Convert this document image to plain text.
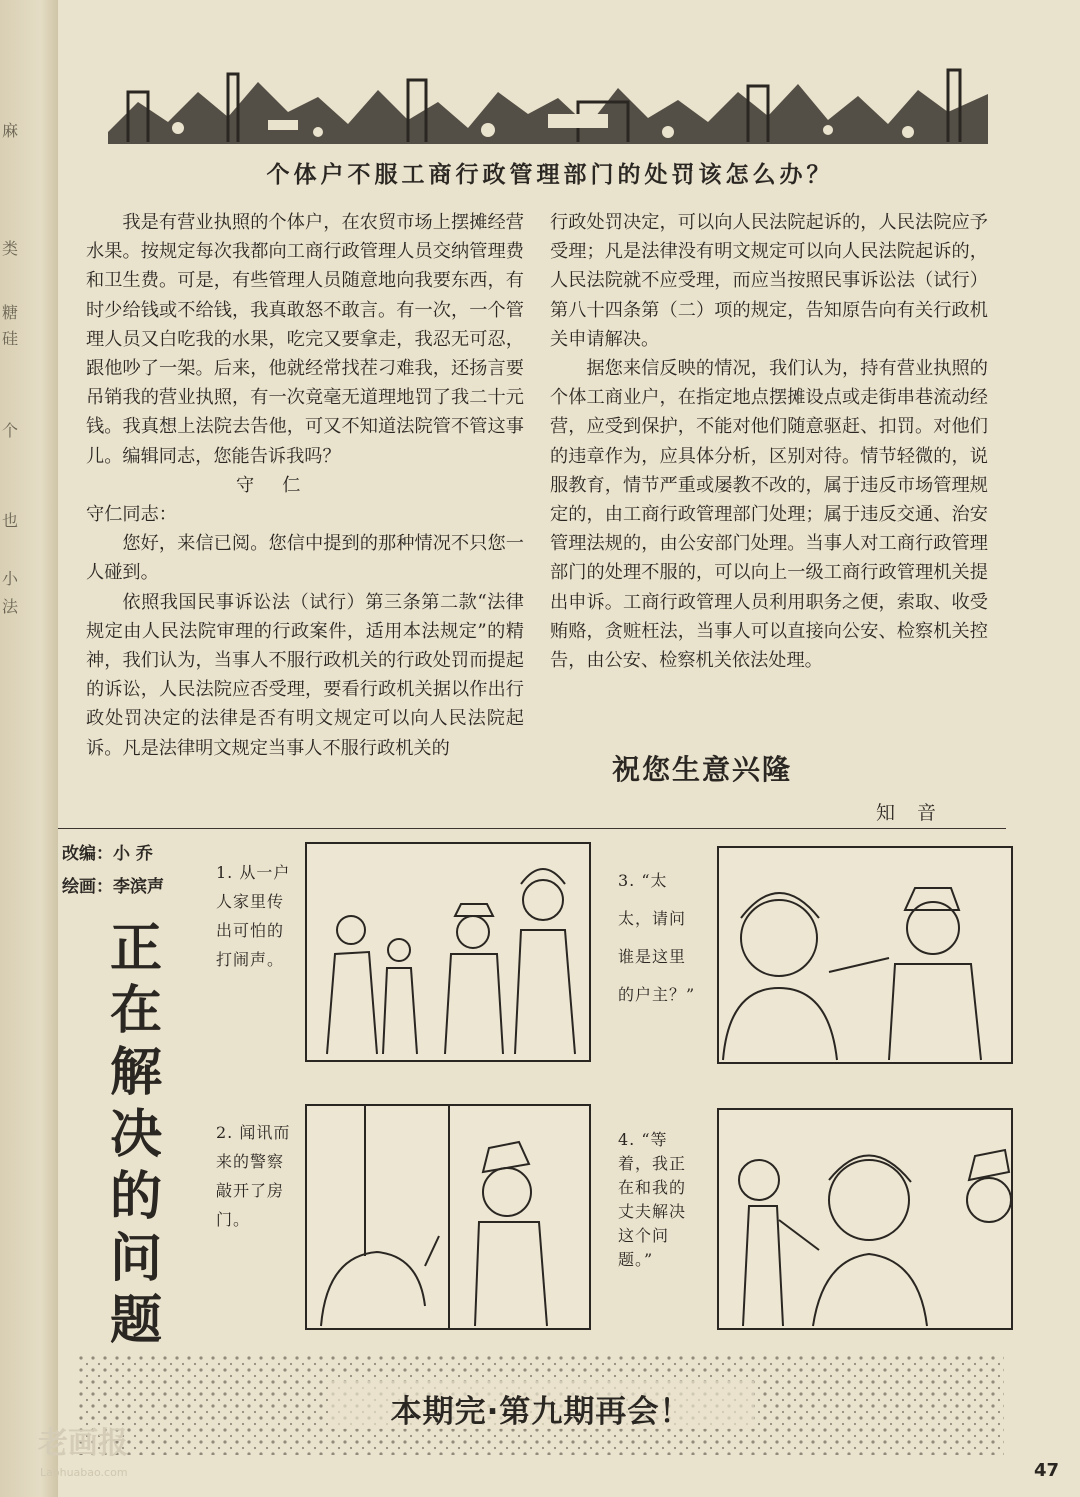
麻
类
糖
硅
个
也
小
法
个体户不服工商行政管理部门的处罚该怎么办？

我是有营业执照的个体户，在农贸市场上摆摊经营水果。按规定每次我都向工商行政管理人员交纳管理费和卫生费。可是，有些管理人员随意地向我要东西，有时少给钱或不给钱，我真敢怒不敢言。有一次，一个管理人员又白吃我的水果，吃完又要拿走，我忍无可忍，跟他吵了一架。后来，他就经常找茬刁难我，还扬言要吊销我的营业执照，有一次竟毫无道理地罚了我二十元钱。我真想上法院去告他，可又不知道法院管不管这事儿。编辑同志，您能告诉我吗？

守仁

守仁同志：

您好，来信已阅。您信中提到的那种情况不只您一人碰到。

依照我国民事诉讼法（试行）第三条第二款“法律规定由人民法院审理的行政案件，适用本法规定”的精神，我们认为，当事人不服行政机关的行政处罚而提起的诉讼，人民法院应否受理，要看行政机关据以作出行政处罚决定的法律是否有明文规定可以向人民法院起诉。凡是法律明文规定当事人不服行政机关的

行政处罚决定，可以向人民法院起诉的，人民法院应予受理；凡是法律没有明文规定可以向人民法院起诉的，人民法院就不应受理，而应当按照民事诉讼法（试行）第八十四条第（二）项的规定，告知原告向有关行政机关申请解决。

据您来信反映的情况，我们认为，持有营业执照的个体工商业户，在指定地点摆摊设点或走街串巷流动经营，应受到保护，不能对他们随意驱赶、扣罚。对他们的违章作为，应具体分析，区别对待。情节轻微的，说服教育，情节严重或屡教不改的，属于违反市场管理规定的，由工商行政管理部门处理；属于违反交通、治安管理法规的，由公安部门处理。当事人对工商行政管理部门的处理不服的，可以向上一级工商行政管理机关提出申诉。工商行政管理人员利用职务之便，索取、收受贿赂，贪赃枉法，当事人可以直接向公安、检察机关控告，由公安、检察机关依法处理。

祝您生意兴隆
知音
改编：小 乔
绘画：李滨声
正在解决的问题
1. 从一户人家里传出可怕的打闹声。
2. 闻讯而来的警察敲开了房门。
3. “太太，请问谁是这里的户主？”
4. “等着，我正在和我的丈夫解决这个问题。”
本期完·第九期再会！
老画报
Laohuabao.com	47
